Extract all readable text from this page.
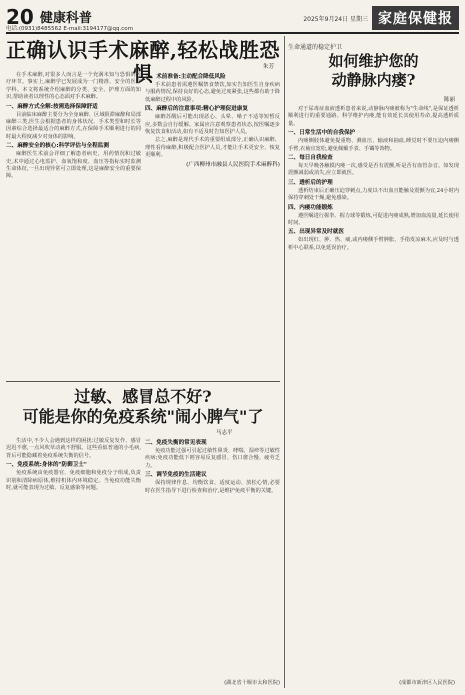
20 健康科普
电话:(0931)8485562 E-mail:3194177@qq.com
2025年9月24日 星期三 家庭保健报
正确认识手术麻醉,轻松战胜恐惧	朱芳

在手术麻醉,对很多人而言是一个充满未知与恐惧的医疗环节。事实上,麻醉学已发展成为一门精准、安全的医疗学科。本文将系统介绍麻醉的分类、安全、护理方面的知识,帮助读者以理性的心态面对手术麻醉。

一、麻醉方式全解:按需选择保障舒适

目前临床麻醉主要分为全身麻醉、区域阻滞麻醉和局部麻醉三类,医生会根据患者的身体状况、手术类型和时长等因素综合选择最适合的麻醉方式,在保障手术顺利进行的同时最大程度减少对身体的影响。

二、麻醉安全的核心:科学评估与全程监测

麻醉医生术前会详细了解患者病史、用药情况和过敏史,术中通过心电监护、血氧饱和度、血压等指标实时监测生命体征,一旦出现异常可立即处理,这是麻醉安全的重要保障。

三、术前准备:主动配合降低风险

手术前患者需遵医嘱禁食禁饮,如实告知医生自身疾病与服药情况,保持良好的心态,避免过度紧张,这些都有助于降低麻醉过程中的风险。

四、麻醉后的注意事项:精心护理促进康复

麻醉苏醒后可能出现恶心、头晕、嗓子不适等短暂反应,多数会自行缓解。家属应注意观察患者状态,按医嘱逐步恢复饮食和活动,如有不适及时告知医护人员。

总之,麻醉是现代手术的重要组成部分,正确认识麻醉、理性看待麻醉,积极配合医护人员,才能让手术更安全、恢复更顺利。

(广西柳州市融县人民医院手术麻醉科)
过敏、感冒总不好?
可能是你的免疫系统"闹小脾气"了
马志平

生活中,不少人会遇到这样的困扰:过敏反复发作、感冒迟迟不愈,一点风吹草动就不舒服。这些看似普通的小毛病,背后可能隐藏着免疫系统失衡的信号。

一、免疫系统:身体的"防御卫士"

免疫系统由免疫器官、免疫细胞和免疫分子组成,负责识别和清除病原体,维持机体内环境稳定。当免疫功能失衡时,就可能表现为过敏、反复感染等问题。

二、免疫失衡的常见表现

免疫功能过强可引起过敏性鼻炎、哮喘、湿疹等过敏性疾病;免疫功能低下则容易反复感冒、伤口愈合慢、疲劳乏力。

三、调节免疫的生活建议

保持规律作息、均衡饮食、适度运动、放松心情,必要时在医生指导下进行检查和治疗,是维护免疫平衡的关键。

(湖北省十堰市太和医院)
生命通道的稳定护卫
如何维护您的
动静脉内瘘?
陈丽

对于尿毒症血液透析患者来说,动静脉内瘘被称为"生命线",是保证透析顺利进行的重要通路。科学维护内瘘,能有效延长其使用寿命,提高透析质量。

一、日常生活中的自我保护

内瘘侧肢体避免提重物、测血压、输液和抽血,睡觉时不要压迫内瘘侧手臂,衣袖宜宽松,避免佩戴手表、手镯等饰物。

二、每日自我检查

每天早晚各触摸内瘘一次,感受是否有震颤,听是否有血管杂音。如发现震颤减弱或消失,应立即就医。

三、透析后的护理

透析结束后正确压迫穿刺点,力度以不出血且能触及震颤为宜,24小时内保持穿刺处干燥,避免感染。

四、内瘘功能锻炼

遵医嘱进行握拳、握力球等锻炼,可促进内瘘成熟,增加血流量,延长使用时间。

五、出现异常及时就医

如出现红、肿、热、痛,或内瘘侧手臂肿胀、手指发凉麻木,应及时与透析中心联系,以免延误治疗。

(成都市新津区人民医院)
